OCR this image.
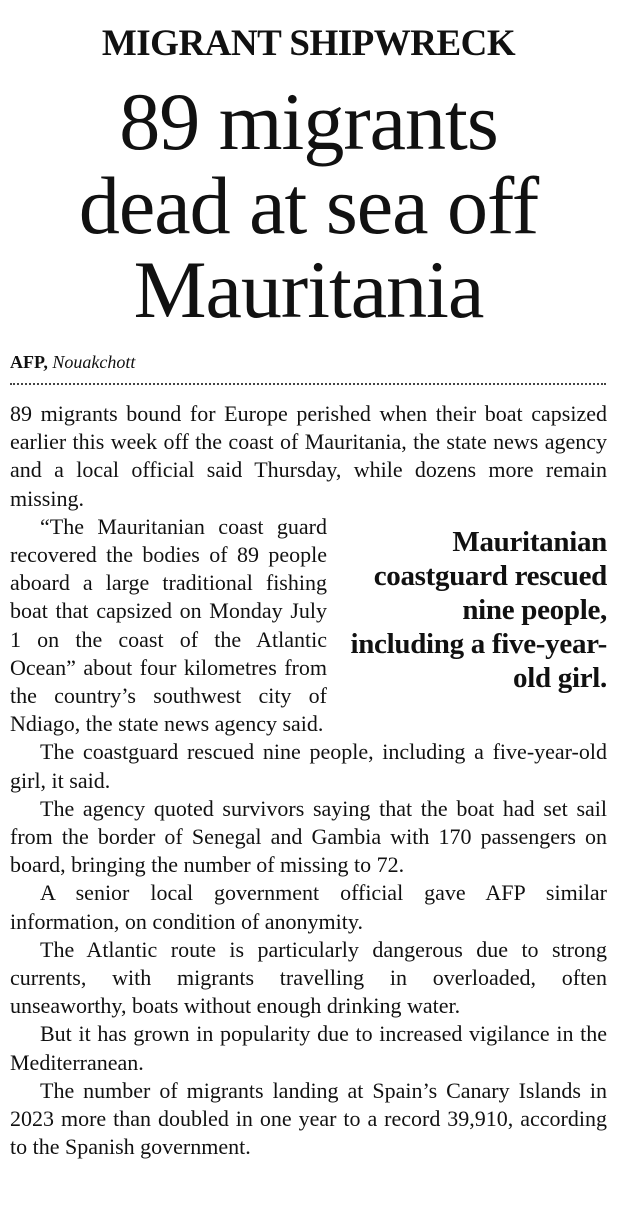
MIGRANT SHIPWRECK
89 migrants
dead at sea off
Mauritania
AFP, Nouakchott

89 migrants bound for Europe perished when their boat capsized earlier this week off the coast of Mauritania, the state news agency and a local official said Thursday, while dozens more remain missing.

Mauritanian coastguard rescued nine people, including a five-year-old girl.

“The Mauritanian coast guard recovered the bodies of 89 people aboard a large traditional fishing boat that capsized on Monday July 1 on the coast of the Atlantic Ocean” about four kilometres from the country’s southwest city of Ndiago, the state news agency said.

The coastguard rescued nine people, including a five-year-old girl, it said.

The agency quoted survivors saying that the boat had set sail from the border of Senegal and Gambia with 170 passengers on board, bringing the number of missing to 72.

A senior local government official gave AFP similar information, on condition of anonymity.

The Atlantic route is particularly dangerous due to strong currents, with migrants travelling in overloaded, often unseaworthy, boats without enough drinking water.

But it has grown in popularity due to increased vigilance in the Mediterranean.

The number of migrants landing at Spain’s Canary Islands in 2023 more than doubled in one year to a record 39,910, according to the Spanish government.
